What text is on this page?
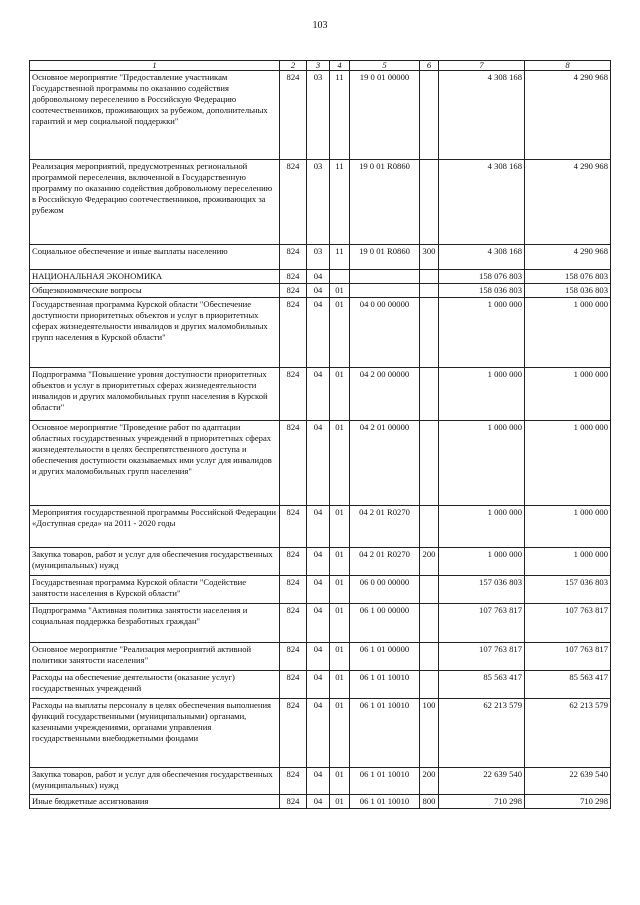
103
1	2	3	4	5	6	7	8
Основное мероприятие "Предоставление участникам Государственной программы по оказанию содействия добровольному переселению в Российскую Федерацию соотечественников, проживающих за рубежом, дополнительных гарантий и мер социальной поддержки"	824	03	11	19 0 01 00000		4 308 168	4 290 968
Реализация мероприятий, предусмотренных региональной программой переселения, включенной в Государственную программу по оказанию содействия добровольному переселению в Российскую Федерацию соотечественников, проживающих за рубежом	824	03	11	19 0 01 R0860		4 308 168	4 290 968
Социальное обеспечение и иные выплаты населению	824	03	11	19 0 01 R0860	300	4 308 168	4 290 968
НАЦИОНАЛЬНАЯ ЭКОНОМИКА	824	04				158 076 803	158 076 803
Общеэкономические вопросы	824	04	01			158 036 803	158 036 803
Государственная программа Курской области "Обеспечение доступности приоритетных объектов и услуг в приоритетных сферах жизнедеятельности инвалидов и других маломобильных групп населения в Курской области"	824	04	01	04 0 00 00000		1 000 000	1 000 000
Подпрограмма "Повышение уровня доступности приоритетных объектов и услуг в приоритетных сферах жизнедеятельности инвалидов и других маломобильных групп населения в Курской области"	824	04	01	04 2 00 00000		1 000 000	1 000 000
Основное мероприятие "Проведение работ по адаптации областных государственных учреждений в приоритетных сферах жизнедеятельности в целях беспрепятственного доступа и обеспечения доступности оказываемых ими услуг для инвалидов и других маломобильных групп населения"	824	04	01	04 2 01 00000		1 000 000	1 000 000
Мероприятия государственной программы Российской Федерации «Доступная среда» на 2011 - 2020 годы	824	04	01	04 2 01 R0270		1 000 000	1 000 000
Закупка товаров, работ и услуг для обеспечения государственных (муниципальных) нужд	824	04	01	04 2 01 R0270	200	1 000 000	1 000 000
Государственная программа Курской области "Содействие занятости населения в Курской области"	824	04	01	06 0 00 00000		157 036 803	157 036 803
Подпрограмма "Активная политика занятости населения и социальная поддержка безработных граждан"	824	04	01	06 1 00 00000		107 763 817	107 763 817
Основное мероприятие "Реализация мероприятий активной политики занятости населения"	824	04	01	06 1 01 00000		107 763 817	107 763 817
Расходы на обеспечение деятельности (оказание услуг) государственных учреждений	824	04	01	06 1 01 10010		85 563 417	85 563 417
Расходы на выплаты персоналу в целях обеспечения выполнения функций государственными (муниципальными) органами, казенными учреждениями, органами управления государственными внебюджетными фондами	824	04	01	06 1 01 10010	100	62 213 579	62 213 579
Закупка товаров, работ и услуг для обеспечения государственных (муниципальных) нужд	824	04	01	06 1 01 10010	200	22 639 540	22 639 540
Иные бюджетные ассигнования	824	04	01	06 1 01 10010	800	710 298	710 298
